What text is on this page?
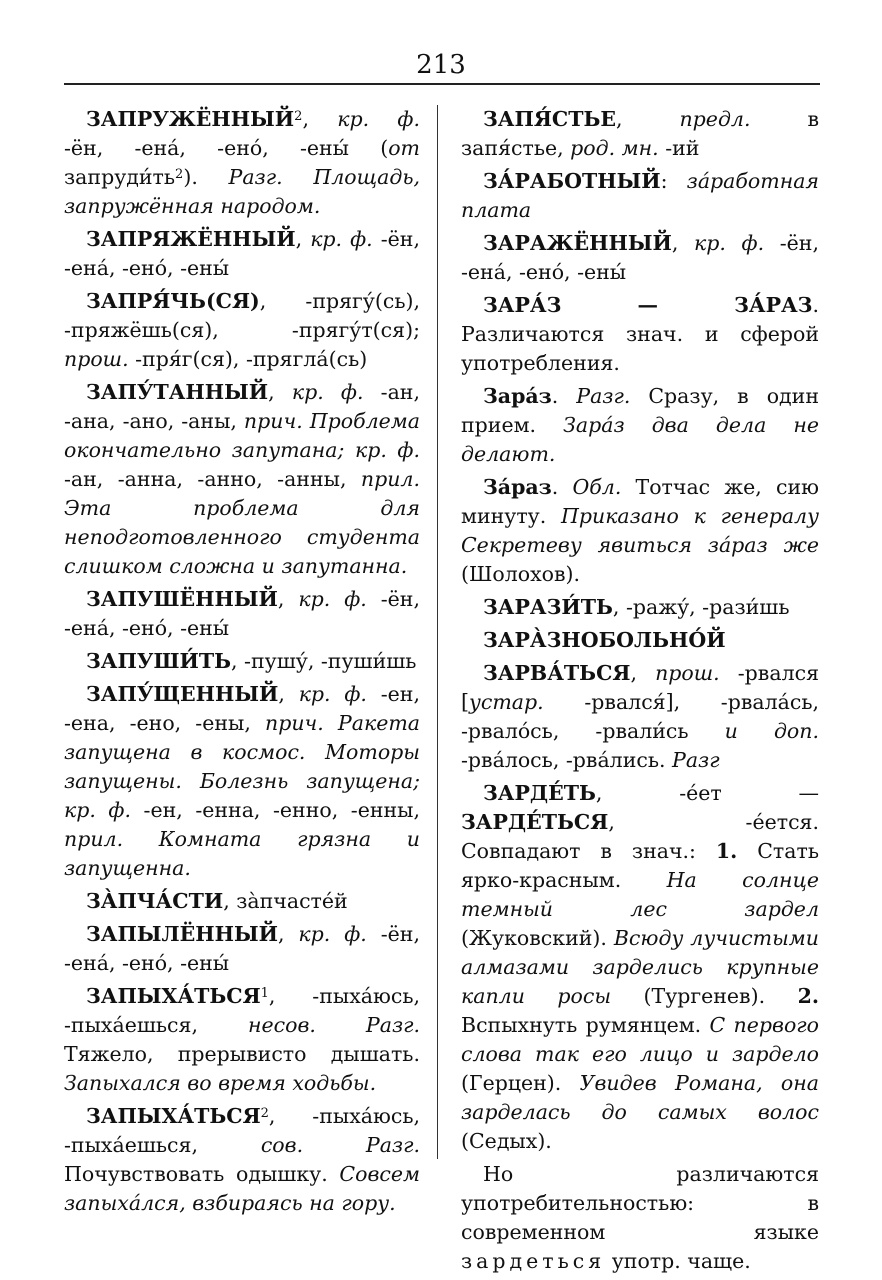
213

ЗАПРУЖЁННЫЙ$^2$, кр. ф. -ён, -ена́, -ено́, -ены́ (от $запруди́ть^2$). Разг. Площадь, запружённая народом.

ЗАПРЯЖЁННЫЙ, кр. ф. -ён, -ена́, -ено́, -ены́

ЗАПРЯ́ЧЬ(СЯ), -прягу́(сь), -пряжёшь(ся), -прягу́т(ся); прош. -пря́г(ся), -прягла́(сь)

ЗАПУ́ТАННЫЙ, кр. ф. -ан, -ана, -ано, -аны, прич. Проблема окончательно запутана; кр. ф. -ан, -анна, -анно, -анны, прил. Эта проблема для неподготовленного студента слишком сложна и запутанна.

ЗАПУШЁННЫЙ, кр. ф. -ён, -ена́, -ено́, -ены́

ЗАПУШИ́ТЬ, -пушу́, -пуши́шь

ЗАПУ́ЩЕННЫЙ, кр. ф. -ен, -ена, -ено, -ены, прич. Ракета запущена в космос. Моторы запущены. Болезнь запущена; кр. ф. -ен, -енна, -енно, -енны, прил. Комната грязна и запущенна.

ЗА̀ПЧА́СТИ, за̀пчасте́й

ЗАПЫЛЁННЫЙ, кр. ф. -ён, -ена́, -ено́, -ены́

ЗАПЫХА́ТЬСЯ$^1$, -пыха́юсь, -пыха́ешься, несов. Разг. Тяжело, прерывисто дышать. Запыхался во время ходьбы.

ЗАПЫХА́ТЬСЯ$^2$, -пыха́юсь, -пыха́ешься, сов. Разг. Почувствовать одышку. Совсем запыха́лся, взбираясь на гору.

ЗАПЯ́СТЬЕ, предл. в запя́стье, род. мн. -ий

ЗА́РАБОТНЫЙ: за́работная плата

ЗАРАЖЁННЫЙ, кр. ф. -ён, -ена́, -ено́, -ены́

ЗАРА́З — ЗА́РАЗ. Различаются знач. и сферой употребления.

Зара́з. Разг. Сразу, в один прием. Зара́з два дела не делают.

За́раз. Обл. Тотчас же, сию минуту. Приказано к генералу Секретеву явиться за́раз же (Шолохов).

ЗАРАЗИ́ТЬ, -ражу́, -рази́шь

ЗАРА̀ЗНОБОЛЬНО́Й

ЗАРВА́ТЬСЯ, прош. -рвался [устар. -рвался́], -рвала́сь, -рвало́сь, -рвали́сь и доп. -рва́лось, -рва́лись. Разг

ЗАРДЕ́ТЬ, -е́ет — ЗАРДЕ́ТЬСЯ, -е́ется. Совпадают в знач.: 1. Стать ярко-красным. На солнце темный лес зардел (Жуковский). Всюду лучистыми алмазами зарделись крупные капли росы (Тургенев). 2. Вспыхнуть румянцем. С первого слова так его лицо и зардело (Герцен). Увидев Романа, она зарделась до самых волос (Седых).

Но различаются употребительностью: в современном языке зардеться употр. чаще.
